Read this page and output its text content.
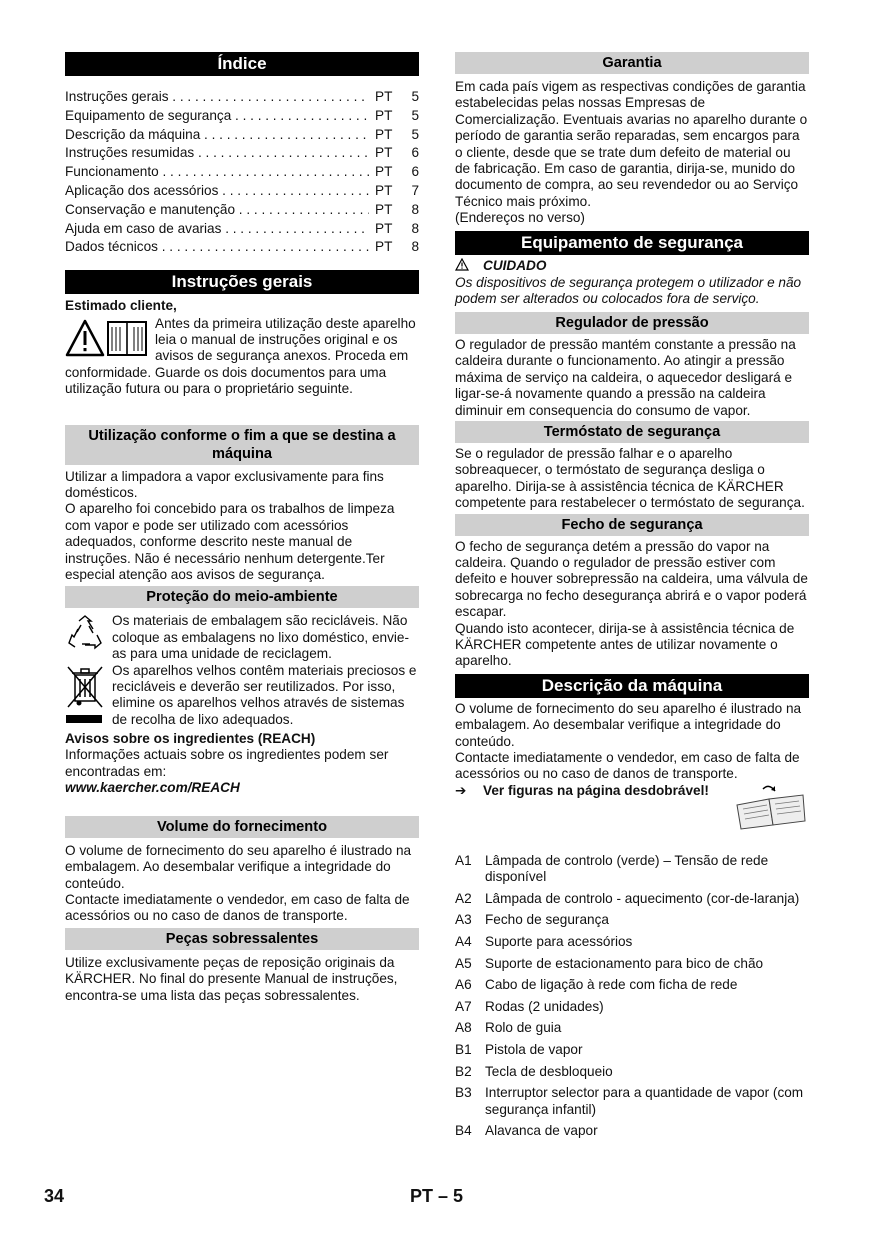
Índice
Instruções gerais . . .	PT	5
Equipamento de segurança . . .	PT	5
Descrição da máquina . . .	PT	5
Instruções resumidas . . .	PT	6
Funcionamento . . .	PT	6
Aplicação dos acessórios . . .	PT	7
Conservação e manutenção . . .	PT	8
Ajuda em caso de avarias . . .	PT	8
Dados técnicos . . .	PT	8
Instruções gerais

Estimado cliente,

Antes da primeira utilização deste aparelho leia o manual de instruções original e os avisos de segurança anexos. Proceda em conformidade. Guarde os dois documentos para uma utilização futura ou para o proprietário seguinte.

Utilização conforme o fim a que se destina a máquina

Utilizar a limpadora a vapor exclusivamente para fins domésticos.

O aparelho foi concebido para os trabalhos de limpeza com vapor e pode ser utilizado com acessórios adequados, conforme descrito neste manual de instruções. Não é necessário nenhum detergente.Ter especial atenção aos avisos de segurança.

Proteção do meio-ambiente

Os materiais de embalagem são recicláveis. Não coloque as embalagens no lixo doméstico, envie-as para uma unidade de reciclagem.

Os aparelhos velhos contêm materiais preciosos e recicláveis e deverão ser reutilizados. Por isso, elimine os aparelhos velhos através de sistemas de recolha de lixo adequados.

Avisos sobre os ingredientes (REACH)

Informações actuais sobre os ingredientes podem ser encontradas em:

www.kaercher.com/REACH

Volume do fornecimento

O volume de fornecimento do seu aparelho é ilustrado na embalagem. Ao desembalar verifique a integridade do conteúdo.

Contacte imediatamente o vendedor, em caso de falta de acessórios ou no caso de danos de transporte.

Peças sobressalentes

Utilize exclusivamente peças de reposição originais da KÄRCHER. No final do presente Manual de instruções, encontra-se uma lista das peças sobressalentes.

Garantia

Em cada país vigem as respectivas condições de garantia estabelecidas pelas nossas Empresas de Comercialização. Eventuais avarias no aparelho durante o período de garantia serão reparadas, sem encargos para o cliente, desde que se trate dum defeito de material ou de fabricação. Em caso de garantia, dirija-se, munido do documento de compra, ao seu revendedor ou ao Serviço Técnico mais próximo.

(Endereços no verso)

Equipamento de segurança
CUIDADO

Os dispositivos de segurança protegem o utilizador e não podem ser alterados ou colocados fora de serviço.

Regulador de pressão

O regulador de pressão mantém constante a pressão na caldeira durante o funcionamento. Ao atingir a pressão máxima de serviço na caldeira, o aquecedor desligará e ligar-se-á novamente quando a pressão na caldeira diminuir em consequencia do consumo de vapor.

Termóstato de segurança

Se o regulador de pressão falhar e o aparelho sobreaquecer, o termóstato de segurança desliga o aparelho. Dirija-se à assistência técnica de KÄRCHER competente para restabelecer o termóstato de segurança.

Fecho de segurança

O fecho de segurança detém a pressão do vapor na caldeira. Quando o regulador de pressão estiver com defeito e houver sobrepressão na caldeira, uma válvula de sobrecarga no fecho desegurança abrirá e o vapor poderá escapar.

Quando isto acontecer, dirija-se à assistência técnica de KÄRCHER competente antes de utilizar novamente o aparelho.

Descrição da máquina

O volume de fornecimento do seu aparelho é ilustrado na embalagem. Ao desembalar verifique a integridade do conteúdo.

Contacte imediatamente o vendedor, em caso de falta de acessórios ou no caso de danos de transporte.

➔	Ver figuras na página desdobrável!
A1 Lâmpada de controlo (verde) – Tensão de rede disponível
A2 Lâmpada de controlo - aquecimento (cor-de-laranja)
A3 Fecho de segurança
A4 Suporte para acessórios
A5 Suporte de estacionamento para bico de chão
A6 Cabo de ligação à rede com ficha de rede
A7 Rodas (2 unidades)
A8 Rolo de guia
B1 Pistola de vapor
B2 Tecla de desbloqueio
B3 Interruptor selector para a quantidade de vapor (com segurança infantil)
B4 Alavanca de vapor
34	PT – 5
